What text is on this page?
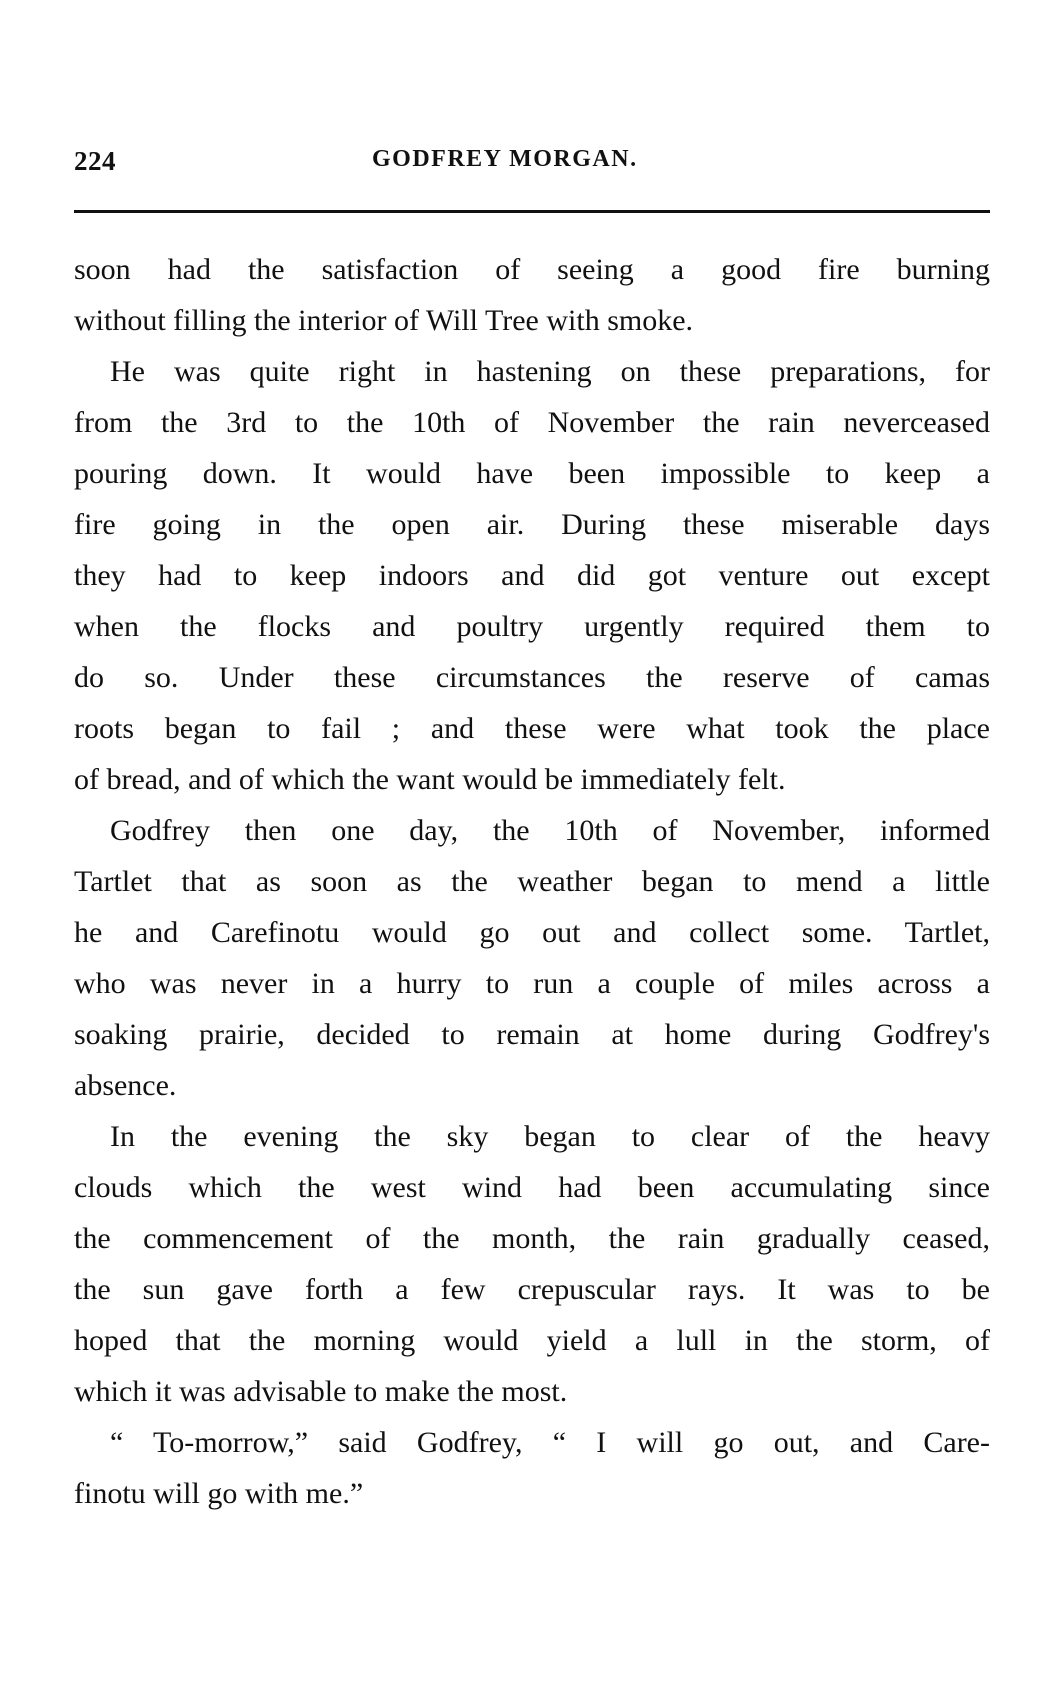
224	GODFREY MORGAN.
soon had the satisfaction of seeing a good fire burning
without filling the interior of Will Tree with smoke.
He was quite right in hastening on these preparations, for
from the 3rd to the 10th of November the rain neverceased
pouring down. It would have been impossible to keep a
fire going in the open air. During these miserable days
they had to keep indoors and did got venture out except
when the flocks and poultry urgently required them to
do so. Under these circumstances the reserve of camas
roots began to fail ; and these were what took the place
of bread, and of which the want would be immediately felt.
Godfrey then one day, the 10th of November, informed
Tartlet that as soon as the weather began to mend a little
he and Carefinotu would go out and collect some. Tartlet,
who was never in a hurry to run a couple of miles across a
soaking prairie, decided to remain at home during Godfrey's
absence.
In the evening the sky began to clear of the heavy
clouds which the west wind had been accumulating since
the commencement of the month, the rain gradually ceased,
the sun gave forth a few crepuscular rays. It was to be
hoped that the morning would yield a lull in the storm, of
which it was advisable to make the most.
“ To-morrow,” said Godfrey, “ I will go out, and Care-
finotu will go with me.”
